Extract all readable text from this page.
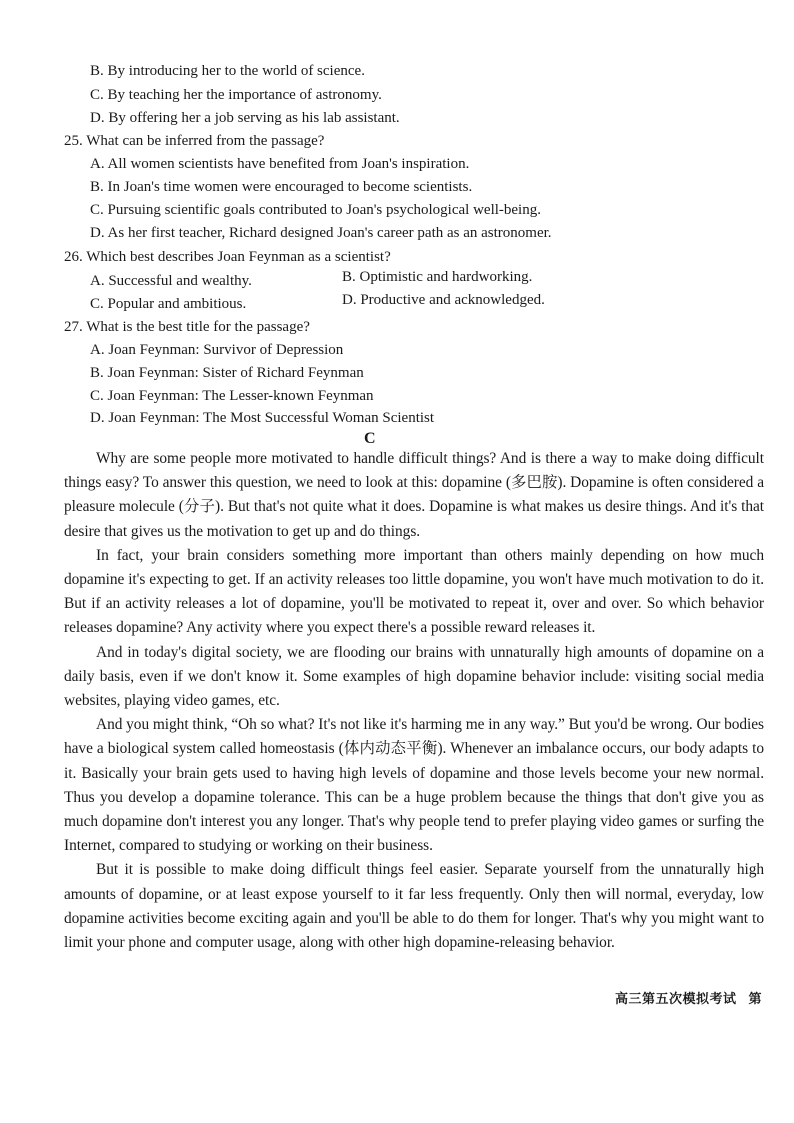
B. By introducing her to the world of science.
C. By teaching her the importance of astronomy.
D. By offering her a job serving as his lab assistant.
25. What can be inferred from the passage?
A. All women scientists have benefited from Joan's inspiration.
B. In Joan's time women were encouraged to become scientists.
C. Pursuing scientific goals contributed to Joan's psychological well-being.
D. As her first teacher, Richard designed Joan's career path as an astronomer.
26. Which best describes Joan Feynman as a scientist?
A. Successful and wealthy.	B. Optimistic and hardworking.
C. Popular and ambitious.	D. Productive and acknowledged.
27. What is the best title for the passage?
A. Joan Feynman: Survivor of Depression
B. Joan Feynman: Sister of Richard Feynman
C. Joan Feynman: The Lesser-known Feynman
D. Joan Feynman: The Most Successful Woman Scientist
C

Why are some people more motivated to handle difficult things? And is there a way to make doing difficult things easy? To answer this question, we need to look at this: dopamine (多巴胺). Dopamine is often considered a pleasure molecule (分子). But that's not quite what it does. Dopamine is what makes us desire things. And it's that desire that gives us the motivation to get up and do things.

In fact, your brain considers something more important than others mainly depending on how much dopamine it's expecting to get. If an activity releases too little dopamine, you won't have much motivation to do it. But if an activity releases a lot of dopamine, you'll be motivated to repeat it, over and over. So which behavior releases dopamine? Any activity where you expect there's a possible reward releases it.

And in today's digital society, we are flooding our brains with unnaturally high amounts of dopamine on a daily basis, even if we don't know it. Some examples of high dopamine behavior include: visiting social media websites, playing video games, etc.

And you might think, “Oh so what? It's not like it's harming me in any way.” But you'd be wrong. Our bodies have a biological system called homeostasis (体内动态平衡). Whenever an imbalance occurs, our body adapts to it. Basically your brain gets used to having high levels of dopamine and those levels become your new normal. Thus you develop a dopamine tolerance. This can be a huge problem because the things that don't give you as much dopamine don't interest you any longer. That's why people tend to prefer playing video games or surfing the Internet, compared to studying or working on their business.

But it is possible to make doing difficult things feel easier. Separate yourself from the unnaturally high amounts of dopamine, or at least expose yourself to it far less frequently. Only then will normal, everyday, low dopamine activities become exciting again and you'll be able to do them for longer. That's why you might want to limit your phone and computer usage, along with other high dopamine-releasing behavior.

高三第五次模拟考试 第
